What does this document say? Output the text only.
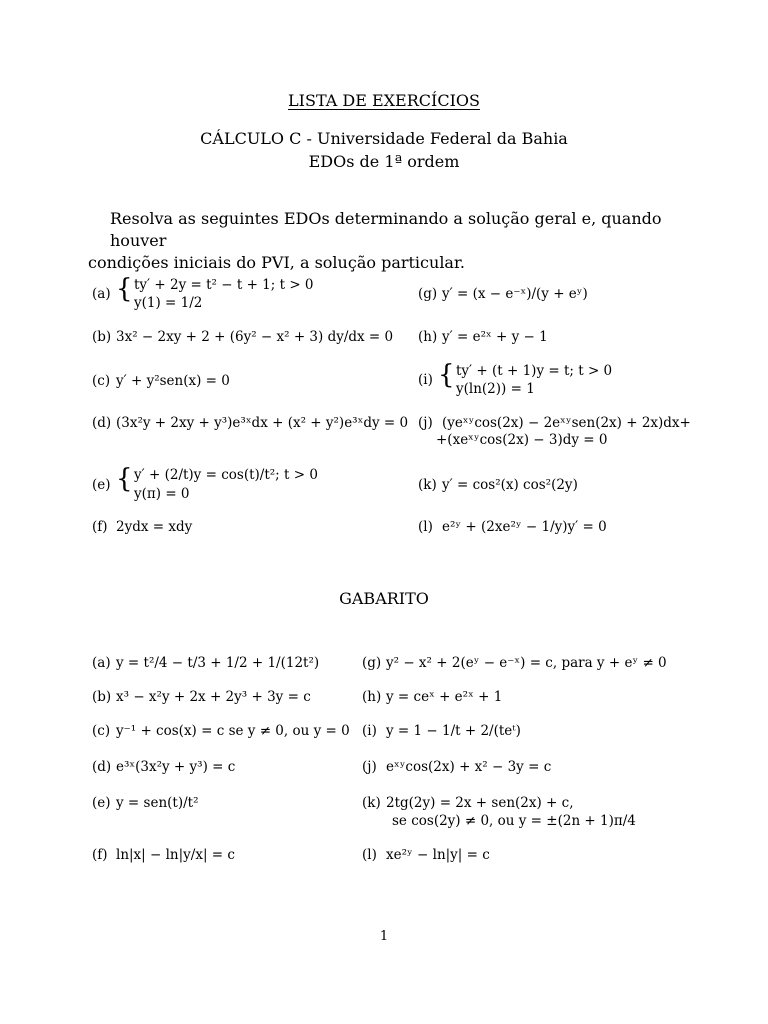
LISTA DE EXERCÍCIOS
CÁLCULO C - Universidade Federal da Bahia
EDOs de 1ª ordem
Resolva as seguintes EDOs determinando a solução geral e, quando houver
condições iniciais do PVI, a solução particular.
(a) { ty′ + 2y = t² − t + 1; t > 0
y(1) = 1/2
(b) 3x² − 2xy + 2 + (6y² − x² + 3) dy/dx = 0
(c) y′ + y²sen(x) = 0
(d) (3x²y + 2xy + y³)e³ˣdx + (x² + y²)e³ˣdy = 0
(e) { y′ + (2/t)y = cos(t)/t²; t > 0
y(π) = 0
(f) 2ydx = xdy
(g) y′ = (x − e⁻ˣ)/(y + eʸ)
(h) y′ = e²ˣ + y − 1
(i) { ty′ + (t + 1)y = t; t > 0
y(ln(2)) = 1
(j) (yeˣʸcos(2x) − 2eˣʸsen(2x) + 2x)dx+
+(xeˣʸcos(2x) − 3)dy = 0
(k) y′ = cos²(x) cos²(2y)
(l) e²ʸ + (2xe²ʸ − 1/y)y′ = 0
GABARITO
(a) y = t²/4 − t/3 + 1/2 + 1/(12t²)
(b) x³ − x²y + 2x + 2y³ + 3y = c
(c) y⁻¹ + cos(x) = c se y ≠ 0, ou y = 0
(d) e³ˣ(3x²y + y³) = c
(e) y = sen(t)/t²
(f) ln|x| − ln|y/x| = c
(g) y² − x² + 2(eʸ − e⁻ˣ) = c, para y + eʸ ≠ 0
(h) y = ceˣ + e²ˣ + 1
(i) y = 1 − 1/t + 2/(teᵗ)
(j) eˣʸcos(2x) + x² − 3y = c
(k) 2tg(2y) = 2x + sen(2x) + c,
se cos(2y) ≠ 0, ou y = ±(2n + 1)π/4
(l) xe²ʸ − ln|y| = c
1
